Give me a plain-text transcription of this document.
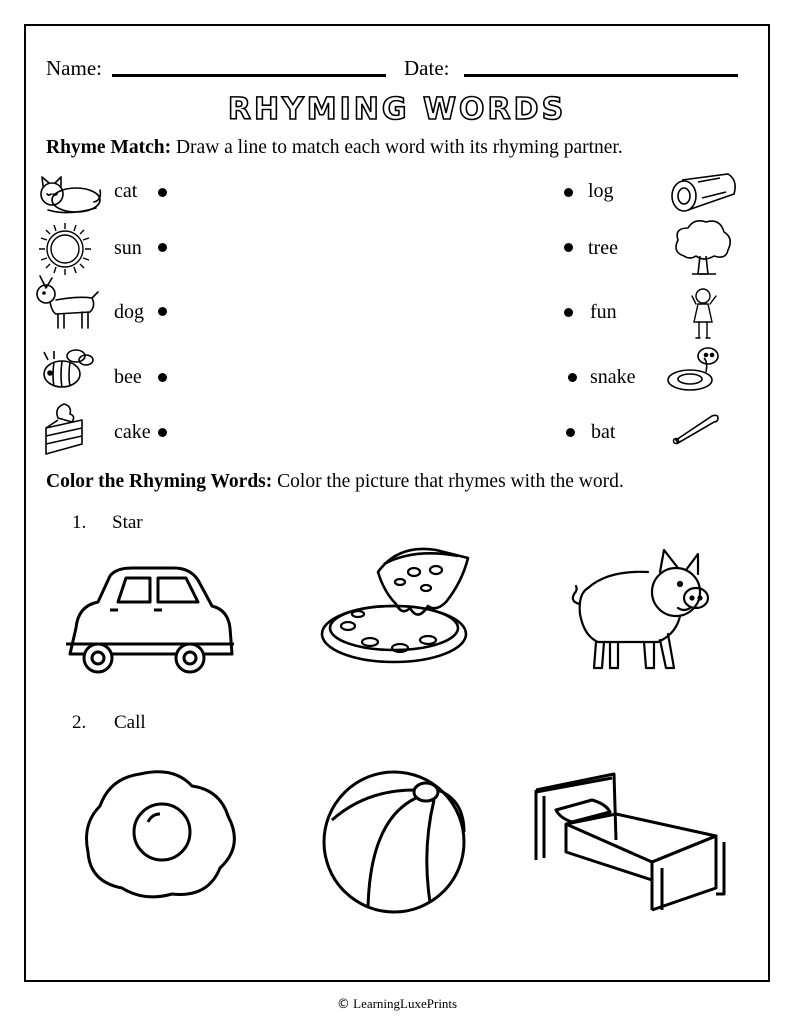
Name:	Date:
RHYMING WORDS
Rhyme Match: Draw a line to match each word with its rhyming partner.
cat
sun
dog
bee
cake
log
tree
fun
snake
bat
Color the Rhyming Words: Color the picture that rhymes with the word.
1. Star
2. Call
© LearningLuxePrints
